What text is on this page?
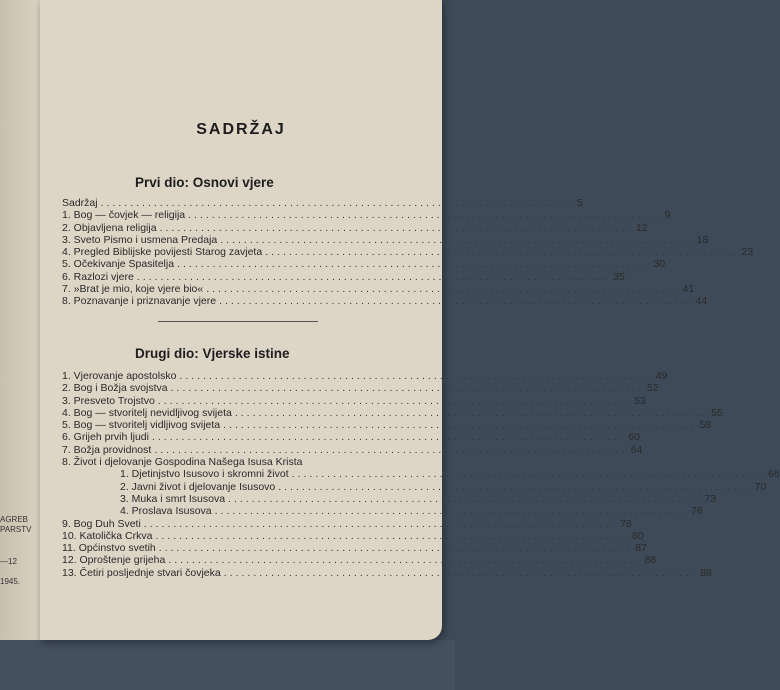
AGREB
PARSTV
—12
1945.
SADRŽAJ
Prvi dio: Osnovi vjere
Sadržaj ................................................................................ 5
1. Bog — čovjek — religija ................................................................................ 9
2. Objavljena religija ................................................................................ 12
3. Sveto Pismo i usmena Predaja ................................................................................ 18
4. Pregled Biblijske povijesti Starog zavjeta ................................................................................ 23
5. Očekivanje Spasitelja ................................................................................ 30
6. Razlozi vjere ................................................................................ 35
7. »Brat je mio, koje vjere bio« ................................................................................ 41
8. Poznavanje i priznavanje vjere ................................................................................ 44
Drugi dio: Vjerske istine
1. Vjerovanje apostolsko ................................................................................ 49
2. Bog i Božja svojstva ................................................................................ 52
3. Presveto Trojstvo ................................................................................ 53
4. Bog — stvoritelj nevidljivog svijeta ................................................................................ 55
5. Bog — stvoritelj vidljivog svijeta ................................................................................ 58
6. Grijeh prvih ljudi ................................................................................ 60
7. Božja providnost ................................................................................ 64
8. Život i djelovanje Gospodina Našega Isusa Krista
1. Djetinjstvo Isusovo i skromni život ................................................................................ 66
2. Javni život i djelovanje Isusovo ................................................................................ 70
3. Muka i smrt Isusova ................................................................................ 73
4. Proslava Isusova ................................................................................ 76
9. Bog Duh Sveti ................................................................................ 78
10. Katolička Crkva ................................................................................ 80
11. Općinstvo svetih ................................................................................ 87
12. Oproštenje grijeha ................................................................................ 88
13. Četiri posljednje stvari čovjeka ................................................................................ 88
